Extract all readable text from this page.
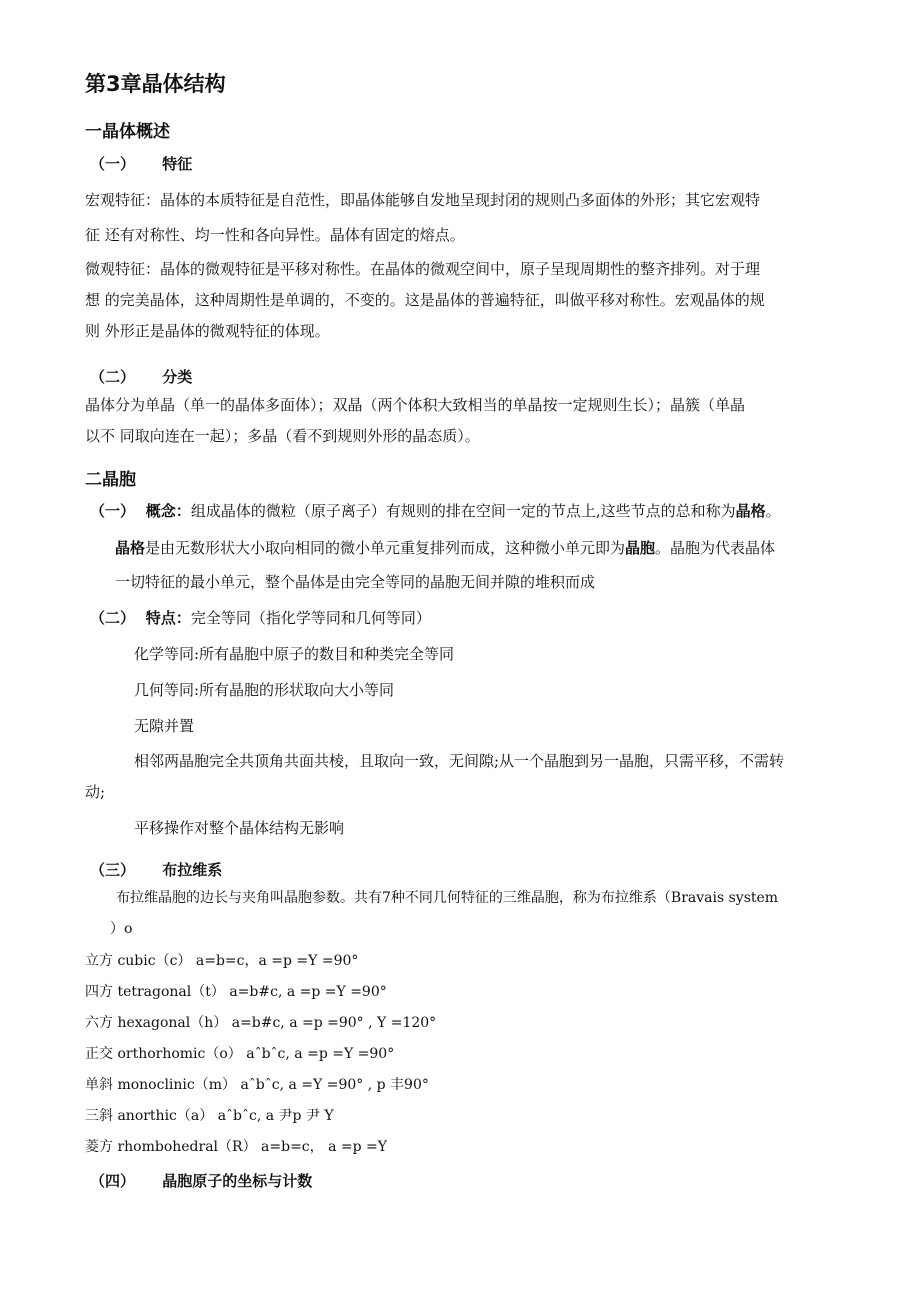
第3章晶体结构
一晶体概述
（一） 特征
宏观特征：晶体的本质特征是自范性，即晶体能够自发地呈现封闭的规则凸多面体的外形；其它宏观特
征 还有对称性、均一性和各向异性。晶体有固定的熔点。
微观特征：晶体的微观特征是平移对称性。在晶体的微观空间中，原子呈现周期性的整齐排列。对于理
想 的完美晶体，这种周期性是单调的，不变的。这是晶体的普遍特征，叫做平移对称性。宏观晶体的规
则 外形正是晶体的微观特征的体现。
（二） 分类
晶体分为单晶（单一的晶体多面体）；双晶（两个体积大致相当的单晶按一定规则生长）；晶簇（单晶
以不 同取向连在一起）；多晶（看不到规则外形的晶态质）。
二晶胞
（一） 概念：组成晶体的微粒（原子离子）有规则的排在空间一定的节点上,这些节点的总和称为晶格。
晶格是由无数形状大小取向相同的微小单元重复排列而成，这种微小单元即为晶胞。晶胞为代表晶体
一切特征的最小单元，整个晶体是由完全等同的晶胞无间并隙的堆积而成
（二） 特点：完全等同（指化学等同和几何等同）
化学等同:所有晶胞中原子的数目和种类完全等同
几何等同:所有晶胞的形状取向大小等同
无隙并置
相邻两晶胞完全共顶角共面共棱，且取向一致，无间隙;从一个晶胞到另一晶胞，只需平移，不需转
动;
平移操作对整个晶体结构无影响
（三） 布拉维系
布拉维晶胞的边长与夹角叫晶胞参数。共有7种不同几何特征的三维晶胞，称为布拉维系（Bravais system
）o
立方 cubic（c） a=b=c，a =p =Y =90°
四方 tetragonal（t） a=b#c, a =p =Y =90°
六方 hexagonal（h） a=b#c, a =p =90° , Y =120°
正交 orthorhomic（o） aˆbˆc, a =p =Y =90°
单斜 monoclinic（m） aˆbˆc, a =Y =90° , p 丰90°
三斜 anorthic（a） aˆbˆc, a 尹p 尹 Y
菱方 rhombohedral（R） a=b=c， a =p =Y
（四） 晶胞原子的坐标与计数
